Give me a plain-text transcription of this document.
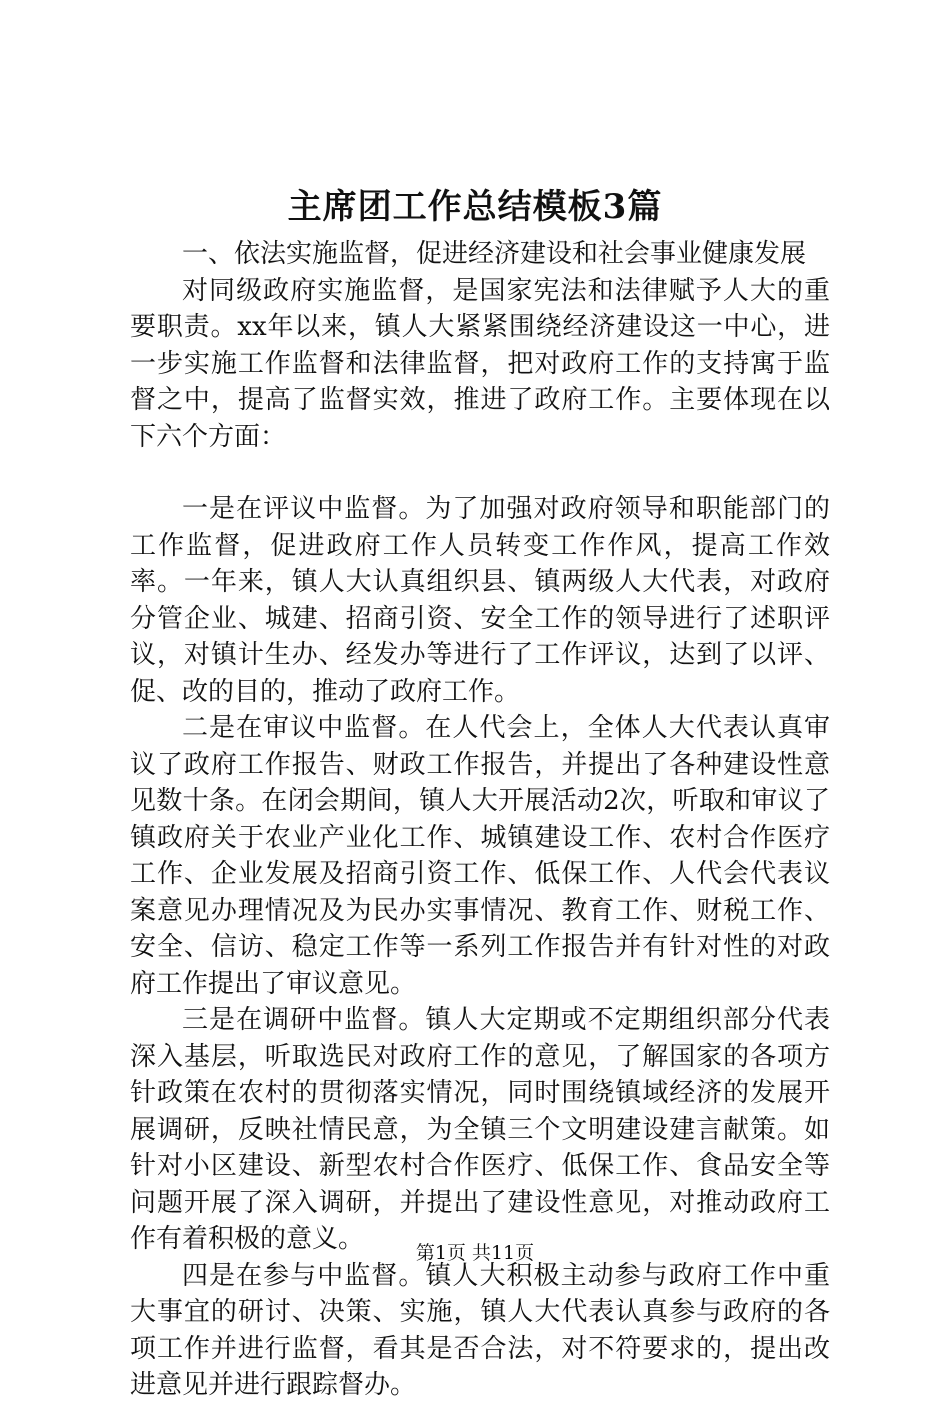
主席团工作总结模板3篇

一、依法实施监督，促进经济建设和社会事业健康发展

对同级政府实施监督，是国家宪法和法律赋予人大的重要职责。xx年以来，镇人大紧紧围绕经济建设这一中心，进一步实施工作监督和法律监督，把对政府工作的支持寓于监督之中，提高了监督实效，推进了政府工作。主要体现在以下六个方面：

一是在评议中监督。为了加强对政府领导和职能部门的工作监督，促进政府工作人员转变工作作风，提高工作效率。一年来，镇人大认真组织县、镇两级人大代表，对政府分管企业、城建、招商引资、安全工作的领导进行了述职评议，对镇计生办、经发办等进行了工作评议，达到了以评、促、改的目的，推动了政府工作。

二是在审议中监督。在人代会上，全体人大代表认真审议了政府工作报告、财政工作报告，并提出了各种建设性意见数十条。在闭会期间，镇人大开展活动2次，听取和审议了镇政府关于农业产业化工作、城镇建设工作、农村合作医疗工作、企业发展及招商引资工作、低保工作、人代会代表议案意见办理情况及为民办实事情况、教育工作、财税工作、安全、信访、稳定工作等一系列工作报告并有针对性的对政府工作提出了审议意见。

三是在调研中监督。镇人大定期或不定期组织部分代表深入基层，听取选民对政府工作的意见，了解国家的各项方针政策在农村的贯彻落实情况，同时围绕镇域经济的发展开展调研，反映社情民意，为全镇三个文明建设建言献策。如针对小区建设、新型农村合作医疗、低保工作、食品安全等问题开展了深入调研，并提出了建设性意见，对推动政府工作有着积极的意义。

四是在参与中监督。镇人大积极主动参与政府工作中重大事宜的研讨、决策、实施，镇人大代表认真参与政府的各项工作并进行监督，看其是否合法，对不符要求的，提出改进意见并进行跟踪督办。

第1页 共11页
